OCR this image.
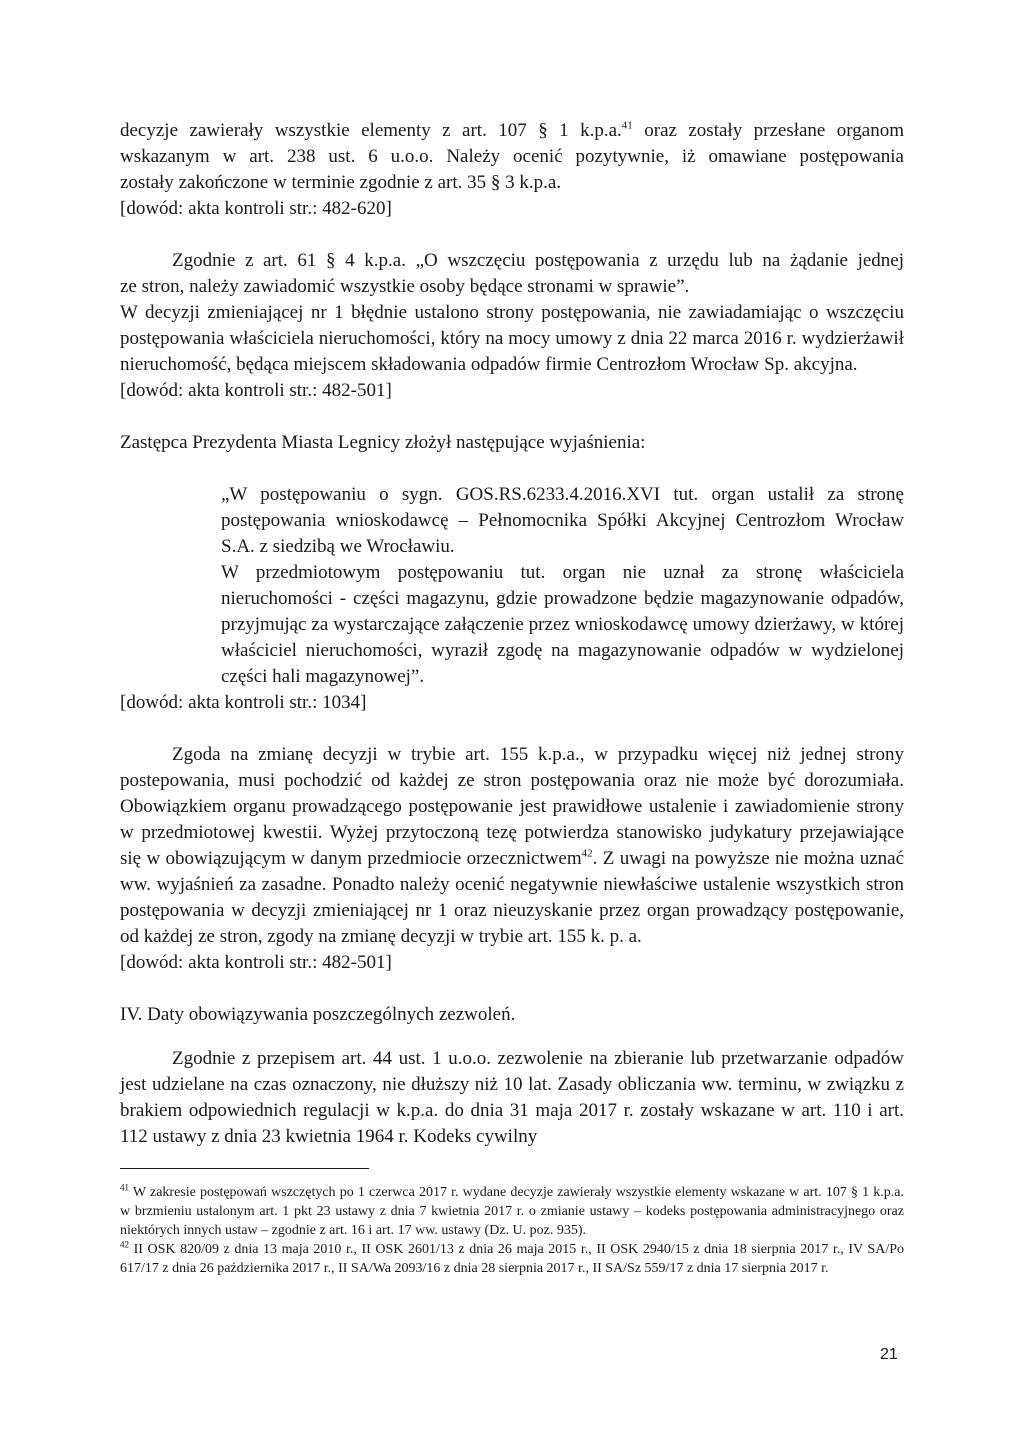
decyzje zawierały wszystkie elementy z art. 107 § 1 k.p.a.$^{41}$ oraz zostały przesłane organom

wskazanym w art. 238 ust. 6 u.o.o. Należy ocenić pozytywnie, iż omawiane postępowania

zostały zakończone w terminie zgodnie z art. 35 § 3 k.p.a.

[dowód: akta kontroli str.: 482-620]

Zgodnie z art. 61 § 4 k.p.a. „O wszczęciu postępowania z urzędu lub na żądanie jednej

ze stron, należy zawiadomić wszystkie osoby będące stronami w sprawie”.

W decyzji zmieniającej nr 1 błędnie ustalono strony postępowania, nie zawiadamiając o wszczęciu postępowania właściciela nieruchomości, który na mocy umowy z dnia 22 marca 2016 r. wydzierżawił nieruchomość, będąca miejscem składowania odpadów firmie Centrozłom Wrocław Sp. akcyjna.

[dowód: akta kontroli str.: 482-501]

Zastępca Prezydenta Miasta Legnicy złożył następujące wyjaśnienia:

„W postępowaniu o sygn. GOS.RS.6233.4.2016.XVI tut. organ ustalił za stronę postępowania wnioskodawcę – Pełnomocnika Spółki Akcyjnej Centrozłom Wrocław S.A. z siedzibą we Wrocławiu.

W przedmiotowym postępowaniu tut. organ nie uznał za stronę właściciela nieruchomości - części magazynu, gdzie prowadzone będzie magazynowanie odpadów, przyjmując za wystarczające załączenie przez wnioskodawcę umowy dzierżawy, w której właściciel nieruchomości, wyraził zgodę na magazynowanie odpadów w wydzielonej części hali magazynowej”.

[dowód: akta kontroli str.: 1034]

Zgoda na zmianę decyzji w trybie art. 155 k.p.a., w przypadku więcej niż jednej strony postepowania, musi pochodzić od każdej ze stron postępowania oraz nie może być dorozumiała. Obowiązkiem organu prowadzącego postępowanie jest prawidłowe ustalenie i zawiadomienie strony w przedmiotowej kwestii. Wyżej przytoczoną tezę potwierdza stanowisko judykatury przejawiające się w obowiązującym w danym przedmiocie orzecznictwem$^{42}$. Z uwagi na powyższe nie można uznać ww. wyjaśnień za zasadne. Ponadto należy ocenić negatywnie niewłaściwe ustalenie wszystkich stron postępowania w decyzji zmieniającej nr 1 oraz nieuzyskanie przez organ prowadzący postępowanie, od każdej ze stron, zgody na zmianę decyzji w trybie art. 155 k. p. a.

[dowód: akta kontroli str.: 482-501]

IV. Daty obowiązywania poszczególnych zezwoleń.

Zgodnie z przepisem art. 44 ust. 1 u.o.o. zezwolenie na zbieranie lub przetwarzanie odpadów jest udzielane na czas oznaczony, nie dłuższy niż 10 lat. Zasady obliczania ww. terminu, w związku z brakiem odpowiednich regulacji w k.p.a. do dnia 31 maja 2017 r. zostały wskazane w art. 110 i art. 112 ustawy z dnia 23 kwietnia 1964 r. Kodeks cywilny

$^{41}$ W zakresie postępowań wszczętych po 1 czerwca 2017 r. wydane decyzje zawierały wszystkie elementy wskazane w art. 107 § 1 k.p.a. w brzmieniu ustalonym art. 1 pkt 23 ustawy z dnia 7 kwietnia 2017 r. o zmianie ustawy – kodeks postępowania administracyjnego oraz niektórych innych ustaw – zgodnie z art. 16 i art. 17 ww. ustawy (Dz. U. poz. 935).

$^{42}$ II OSK 820/09 z dnia 13 maja 2010 r., II OSK 2601/13 z dnia 26 maja 2015 r., II OSK 2940/15 z dnia 18 sierpnia 2017 r., IV SA/Po 617/17 z dnia 26 października 2017 r., II SA/Wa 2093/16 z dnia 28 sierpnia 2017 r., II SA/Sz 559/17 z dnia 17 sierpnia 2017 r.

21
